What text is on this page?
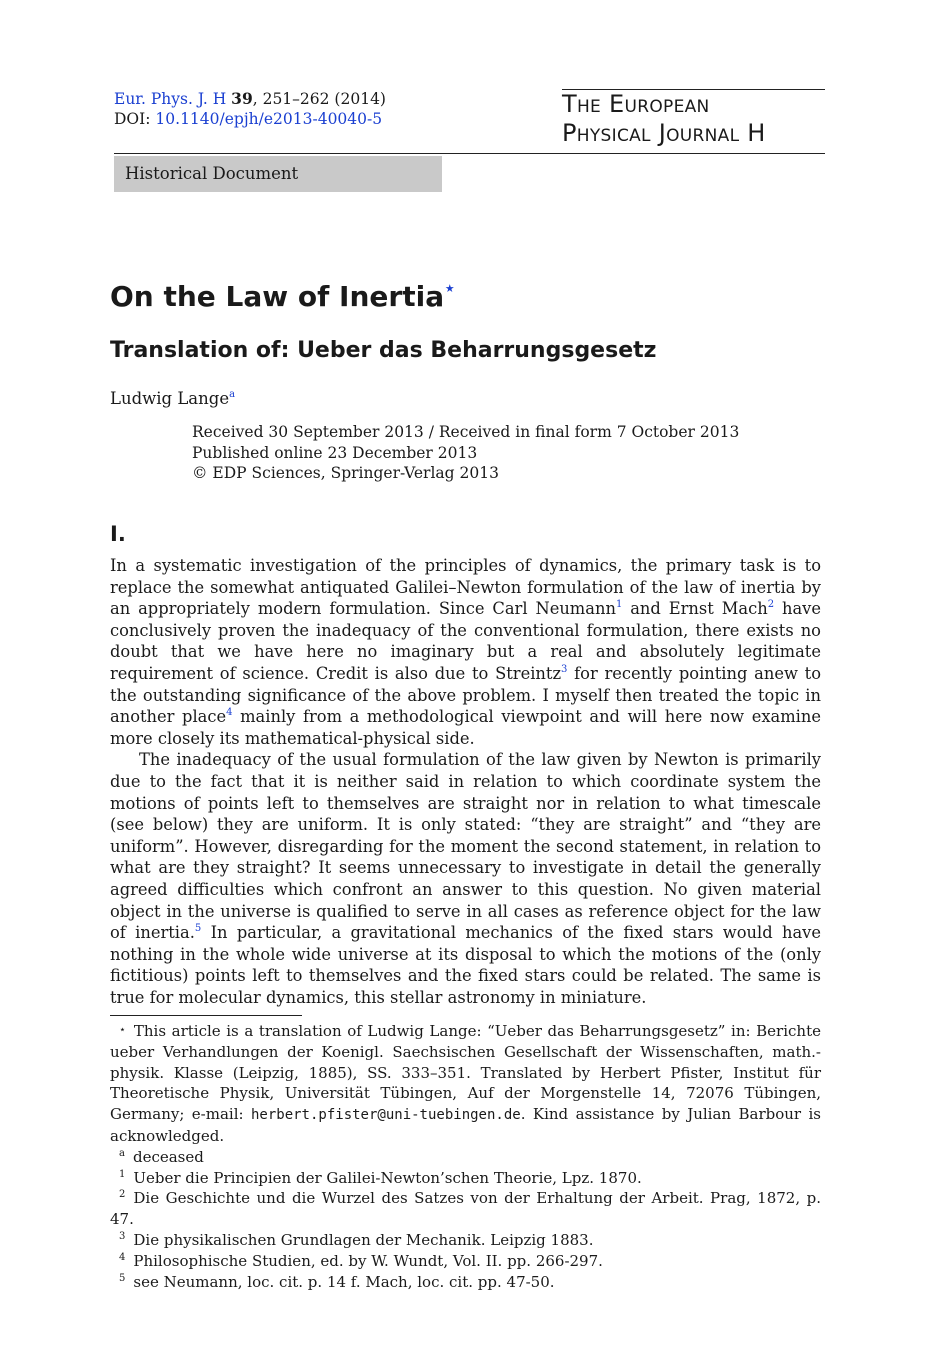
Eur. Phys. J. H 39, 251–262 (2014)
DOI: 10.1140/epjh/e2013-40040-5
The European
Physical Journal H
Historical Document
On the Law of Inertia⋆
Translation of: Ueber das Beharrungsgesetz
Ludwig Lange$^a$
Received 30 September 2013 / Received in final form 7 October 2013
Published online 23 December 2013
© EDP Sciences, Springer-Verlag 2013
I.

In a systematic investigation of the principles of dynamics, the primary task is to replace the somewhat antiquated Galilei–Newton formulation of the law of inertia by an appropriately modern formulation. Since Carl Neumann$^1$ and Ernst Mach$^2$ have conclusively proven the inadequacy of the conventional formulation, there exists no doubt that we have here no imaginary but a real and absolutely legitimate requirement of science. Credit is also due to Streintz$^3$ for recently pointing anew to the outstanding significance of the above problem. I myself then treated the topic in another place$^4$ mainly from a methodological viewpoint and will here now examine more closely its mathematical-physical side.

The inadequacy of the usual formulation of the law given by Newton is primarily due to the fact that it is neither said in relation to which coordinate system the motions of points left to themselves are straight nor in relation to what timescale (see below) they are uniform. It is only stated: “they are straight” and “they are uniform”. However, disregarding for the moment the second statement, in relation to what are they straight? It seems unnecessary to investigate in detail the generally agreed difficulties which confront an answer to this question. No given material object in the universe is qualified to serve in all cases as reference object for the law of inertia.$^5$ In particular, a gravitational mechanics of the fixed stars would have nothing in the whole wide universe at its disposal to which the motions of the (only fictitious) points left to themselves and the fixed stars could be related. The same is true for molecular dynamics, this stellar astronomy in miniature.

⋆ This article is a translation of Ludwig Lange: “Ueber das Beharrungsgesetz” in: Berichte ueber Verhandlungen der Koenigl. Saechsischen Gesellschaft der Wissenschaften, math.-physik. Klasse (Leipzig, 1885), SS. 333–351. Translated by Herbert Pfister, Institut für Theoretische Physik, Universität Tübingen, Auf der Morgenstelle 14, 72076 Tübingen, Germany; e-mail: herbert.pfister@uni-tuebingen.de. Kind assistance by Julian Barbour is acknowledged.

$^a$ deceased

$^1$ Ueber die Principien der Galilei-Newton’schen Theorie, Lpz. 1870.

$^2$ Die Geschichte und die Wurzel des Satzes von der Erhaltung der Arbeit. Prag, 1872, p. 47.

$^3$ Die physikalischen Grundlagen der Mechanik. Leipzig 1883.

$^4$ Philosophische Studien, ed. by W. Wundt, Vol. II. pp. 266-297.

$^5$ see Neumann, loc. cit. p. 14 f. Mach, loc. cit. pp. 47-50.
